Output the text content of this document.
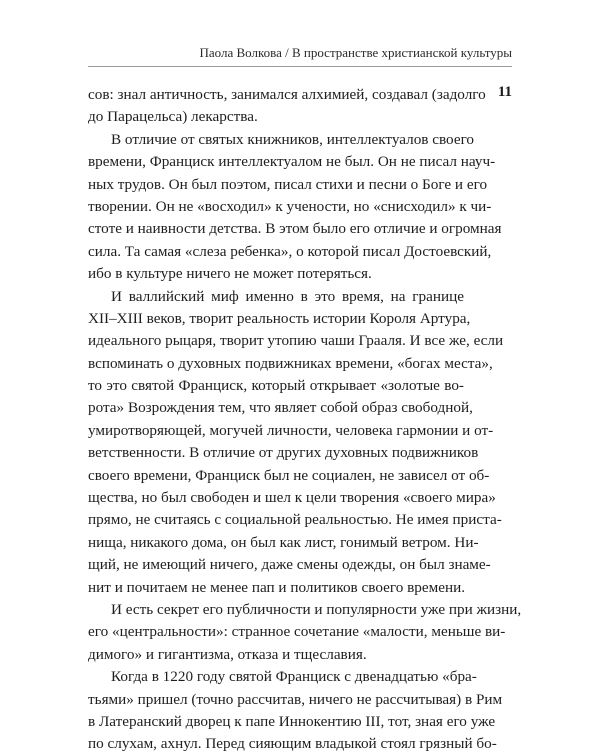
Паола Волкова / В пространстве христианской культуры
11
сов: знал античность, занимался алхимией, создавал (задолго
до Парацельса) лекарства.
В отличие от святых книжников, интеллектуалов своего
времени, Франциск интеллектуалом не был. Он не писал науч-
ных трудов. Он был поэтом, писал стихи и песни о Боге и его
творении. Он не «восходил» к учености, но «снисходил» к чи-
стоте и наивности детства. В этом было его отличие и огромная
сила. Та самая «слеза ребенка», о которой писал Достоевский,
ибо в культуре ничего не может потеряться.
И валлийский миф именно в это время, на границе
XII–XIII веков, творит реальность истории Короля Артура,
идеального рыцаря, творит утопию чаши Грааля. И все же, если
вспоминать о духовных подвижниках времени, «богах места»,
то это святой Франциск, который открывает «золотые во-
рота» Возрождения тем, что являет собой образ свободной,
умиротворяющей, могучей личности, человека гармонии и от-
ветственности. В отличие от других духовных подвижников
своего времени, Франциск был не социален, не зависел от об-
щества, но был свободен и шел к цели творения «своего мира»
прямо, не считаясь с социальной реальностью. Не имея приста-
нища, никакого дома, он был как лист, гонимый ветром. Ни-
щий, не имеющий ничего, даже смены одежды, он был знаме-
нит и почитаем не менее пап и политиков своего времени.
И есть секрет его публичности и популярности уже при жизни,
его «центральности»: странное сочетание «малости, меньше ви-
димого» и гигантизма, отказа и тщеславия.
Когда в 1220 году святой Франциск с двенадцатью «бра-
тьями» пришел (точно рассчитав, ничего не рассчитывая) в Рим
в Латеранский дворец к папе Иннокентию III, тот, зная его уже
по слухам, ахнул. Перед сияющим владыкой стоял грязный бо-
